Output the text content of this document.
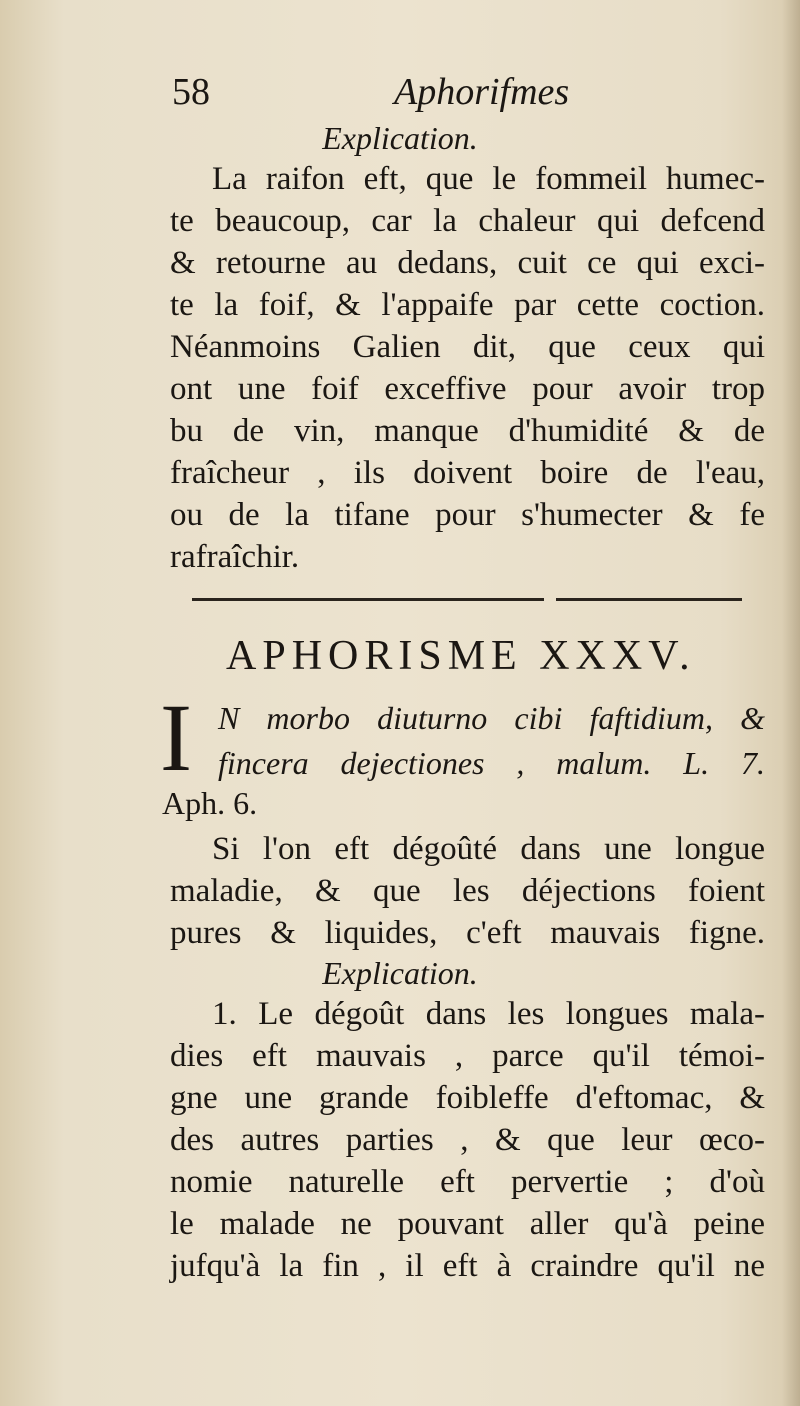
58	Aphorifmes
Explication.
La raifon eft, que le fommeil humec-
te beaucoup, car la chaleur qui defcend
& retourne au dedans, cuit ce qui exci-
te la foif, & l'appaife par cette coction.
Néanmoins Galien dit, que ceux qui
ont une foif exceffive pour avoir trop
bu de vin, manque d'humidité & de
fraîcheur , ils doivent boire de l'eau,
ou de la tifane pour s'humecter & fe
rafraîchir.
APHORISME XXXV.
I N morbo diuturno cibi faftidium, &
fincera dejectiones , malum. L. 7.
Aph. 6.
Si l'on eft dégoûté dans une longue
maladie, & que les déjections foient
pures & liquides, c'eft mauvais figne.
Explication.
1. Le dégoût dans les longues mala-
dies eft mauvais , parce qu'il témoi-
gne une grande foibleffe d'eftomac, &
des autres parties , & que leur œco-
nomie naturelle eft pervertie ; d'où
le malade ne pouvant aller qu'à peine
jufqu'à la fin , il eft à craindre qu'il ne
